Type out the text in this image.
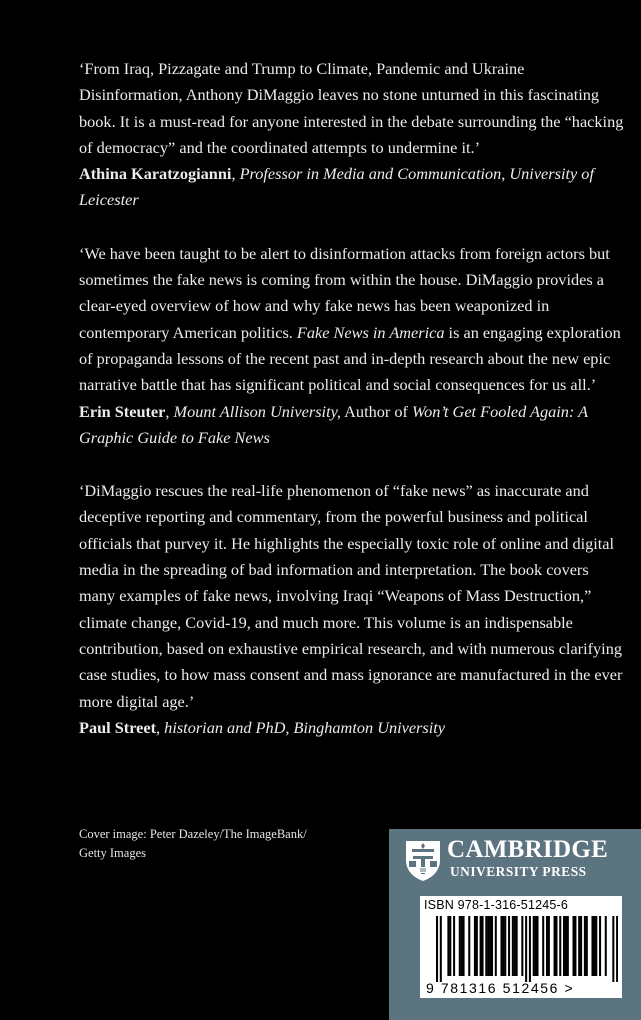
‘From Iraq, Pizzagate and Trump to Climate, Pandemic and Ukraine Disinformation, Anthony DiMaggio leaves no stone unturned in this fascinating book. It is a must-read for anyone interested in the debate surrounding the “hacking of democracy” and the coordinated attempts to undermine it.’

Athina Karatzogianni, Professor in Media and Communication, University of Leicester

‘We have been taught to be alert to disinformation attacks from foreign actors but sometimes the fake news is coming from within the house. DiMaggio provides a clear-eyed overview of how and why fake news has been weaponized in contemporary American politics. Fake News in America is an engaging exploration of propaganda lessons of the recent past and in-depth research about the new epic narrative battle that has significant political and social consequences for us all.’

Erin Steuter, Mount Allison University, Author of Won’t Get Fooled Again: A Graphic Guide to Fake News

‘DiMaggio rescues the real-life phenomenon of “fake news” as inaccurate and deceptive reporting and commentary, from the powerful business and political officials that purvey it. He highlights the especially toxic role of online and digital media in the spreading of bad information and interpretation. The book covers many examples of fake news, involving Iraqi “Weapons of Mass Destruction,” climate change, Covid-19, and much more. This volume is an indispensable contribution, based on exhaustive empirical research, and with numerous clarifying case studies, to how mass consent and mass ignorance are manufactured in the ever more digital age.’

Paul Street, historian and PhD, Binghamton University

Cover image: Peter Dazeley/The ImageBank/
Getty Images	CAMBRIDGE

UNIVERSITY PRESS

ISBN 978-1-316-51245-6

9 781316 512456 >
